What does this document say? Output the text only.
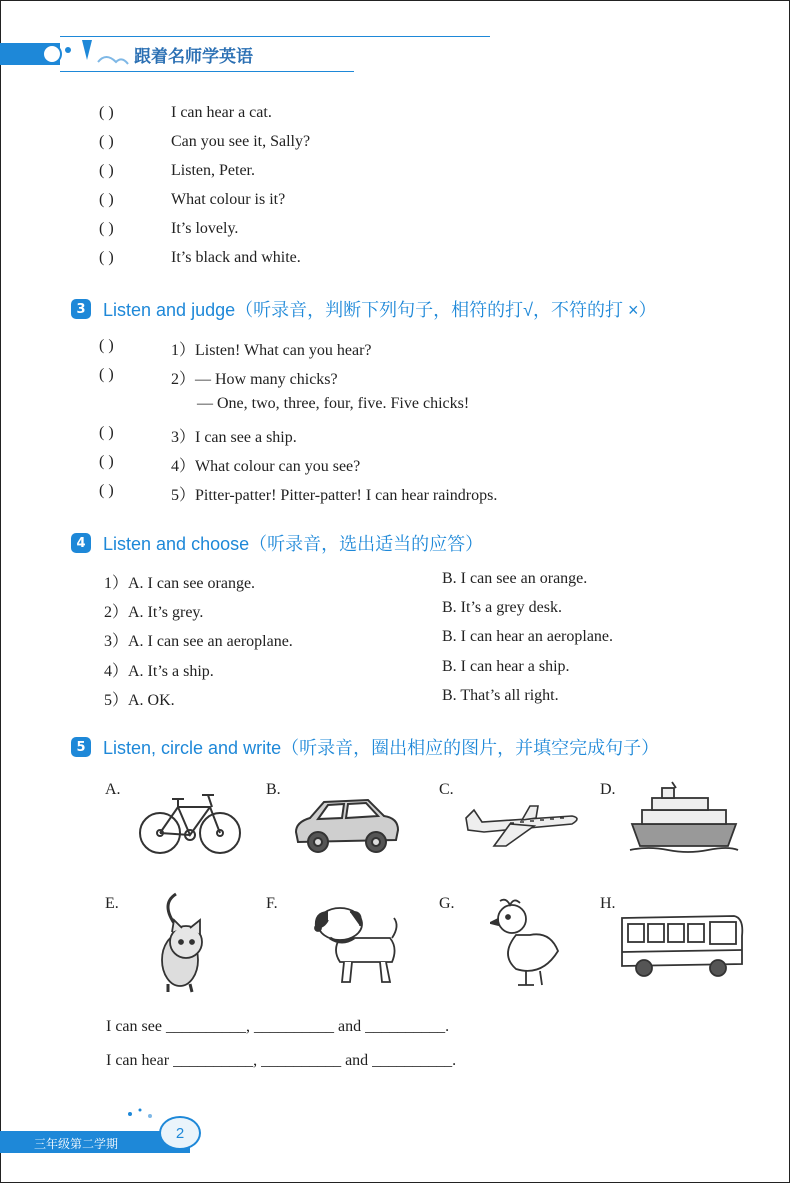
跟着名师学英语
( )	I can hear a cat.
( )	Can you see it, Sally?
( )	Listen, Peter.
( )	What colour is it?
( )	It’s lovely.
( )	It’s black and white.
3 Listen and judge（听录音，判断下列句子，相符的打√，不符的打 ×）
( )	1）Listen! What can you hear?
( )	2）— How many chicks?
— One, two, three, four, five. Five chicks!
( )	3）I can see a ship.
( )	4）What colour can you see?
( )	5）Pitter-patter! Pitter-patter! I can hear raindrops.
4 Listen and choose（听录音，选出适当的应答）
1）A. I can see orange.	B. I can see an orange.
2）A. It’s grey.	B. It’s a grey desk.
3）A. I can see an aeroplane.	B. I can hear an aeroplane.
4）A. It’s a ship.	B. I can hear a ship.
5）A. OK.	B. That’s all right.
5 Listen, circle and write（听录音，圈出相应的图片，并填空完成句子）
A.	B.	C.	D.
E.	F.	G.	H.
I can see __________, __________ and __________.
I can hear __________, __________ and __________.
三年级第二学期
2
